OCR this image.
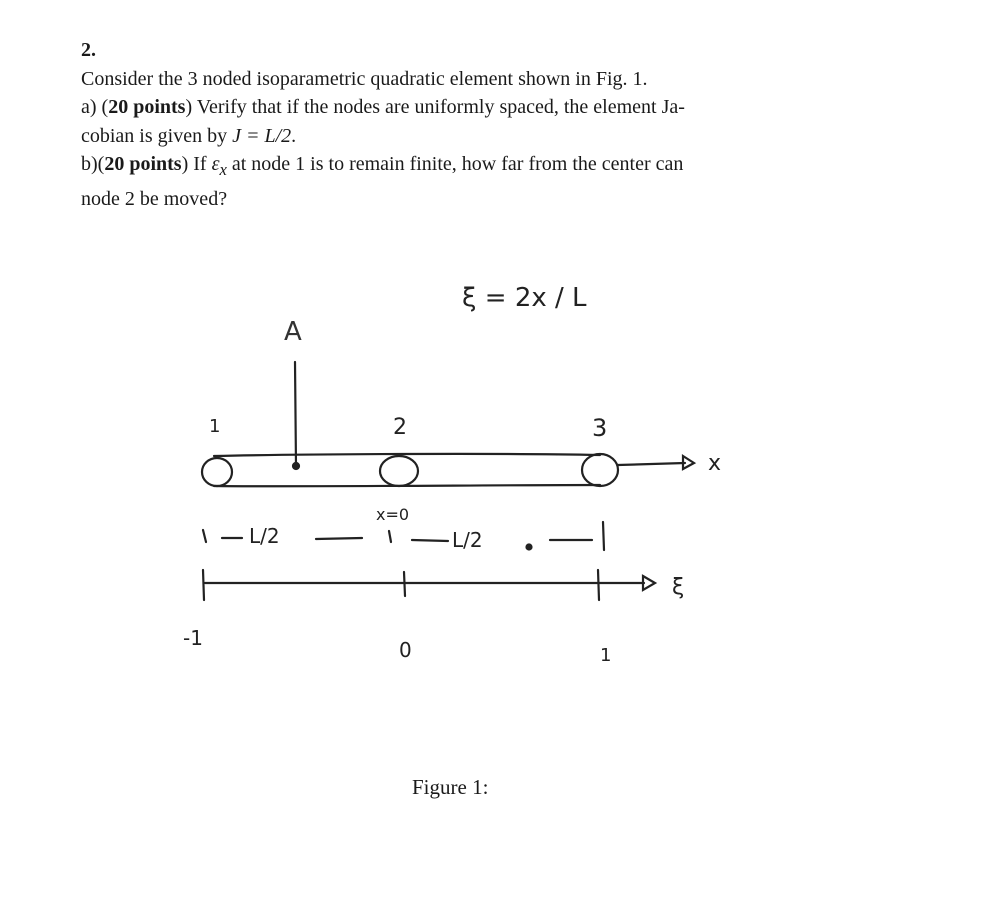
2.

Consider the 3 noded isoparametric quadratic element shown in Fig. 1.

a) (20 points) Verify that if the nodes are uniformly spaced, the element Ja-

cobian is given by J = L/2.

b)(20 points) If $\varepsilon_x$ at node 1 is to remain finite, how far from the center can

node 2 be moved?

ξ = 2x / L
A
1	2	3
x
L/2
x=0
L/2
ξ
-1	0	1
Figure 1:
